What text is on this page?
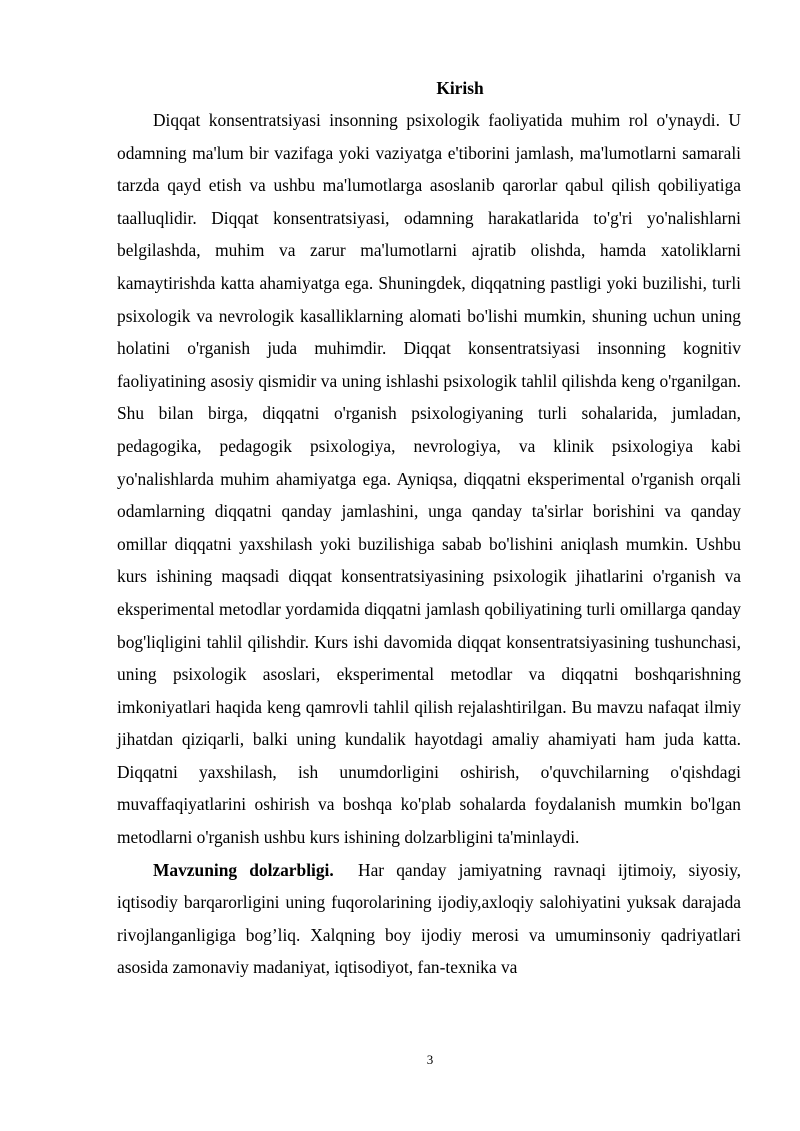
Kirish

Diqqat konsentratsiyasi insonning psixologik faoliyatida muhim rol o'ynaydi. U odamning ma'lum bir vazifaga yoki vaziyatga e'tiborini jamlash, ma'lumotlarni samarali tarzda qayd etish va ushbu ma'lumotlarga asoslanib qarorlar qabul qilish qobiliyatiga taalluqlidir. Diqqat konsentratsiyasi, odamning harakatlarida to'g'ri yo'nalishlarni belgilashda, muhim va zarur ma'lumotlarni ajratib olishda, hamda xatoliklarni kamaytirishda katta ahamiyatga ega. Shuningdek, diqqatning pastligi yoki buzilishi, turli psixologik va nevrologik kasalliklarning alomati bo'lishi mumkin, shuning uchun uning holatini o'rganish juda muhimdir. Diqqat konsentratsiyasi insonning kognitiv faoliyatining asosiy qismidir va uning ishlashi psixologik tahlil qilishda keng o'rganilgan. Shu bilan birga, diqqatni o'rganish psixologiyaning turli sohalarida, jumladan, pedagogika, pedagogik psixologiya, nevrologiya, va klinik psixologiya kabi yo'nalishlarda muhim ahamiyatga ega. Ayniqsa, diqqatni eksperimental o'rganish orqali odamlarning diqqatni qanday jamlashini, unga qanday ta'sirlar borishini va qanday omillar diqqatni yaxshilash yoki buzilishiga sabab bo'lishini aniqlash mumkin. Ushbu kurs ishining maqsadi diqqat konsentratsiyasining psixologik jihatlarini o'rganish va eksperimental metodlar yordamida diqqatni jamlash qobiliyatining turli omillarga qanday bog'liqligini tahlil qilishdir. Kurs ishi davomida diqqat konsentratsiyasining tushunchasi, uning psixologik asoslari, eksperimental metodlar va diqqatni boshqarishning imkoniyatlari haqida keng qamrovli tahlil qilish rejalashtirilgan. Bu mavzu nafaqat ilmiy jihatdan qiziqarli, balki uning kundalik hayotdagi amaliy ahamiyati ham juda katta. Diqqatni yaxshilash, ish unumdorligini oshirish, o'quvchilarning o'qishdagi muvaffaqiyatlarini oshirish va boshqa ko'plab sohalarda foydalanish mumkin bo'lgan metodlarni o'rganish ushbu kurs ishining dolzarbligini ta'minlaydi.

Mavzuning dolzarbligi. Har qanday jamiyatning ravnaqi ijtimoiy, siyosiy, iqtisodiy barqarorligini uning fuqorolarining ijodiy,axloqiy salohiyatini yuksak darajada rivojlanganligiga bog’liq. Xalqning boy ijodiy merosi va umuminsoniy qadriyatlari asosida zamonaviy madaniyat, iqtisodiyot, fan-texnika va

3
